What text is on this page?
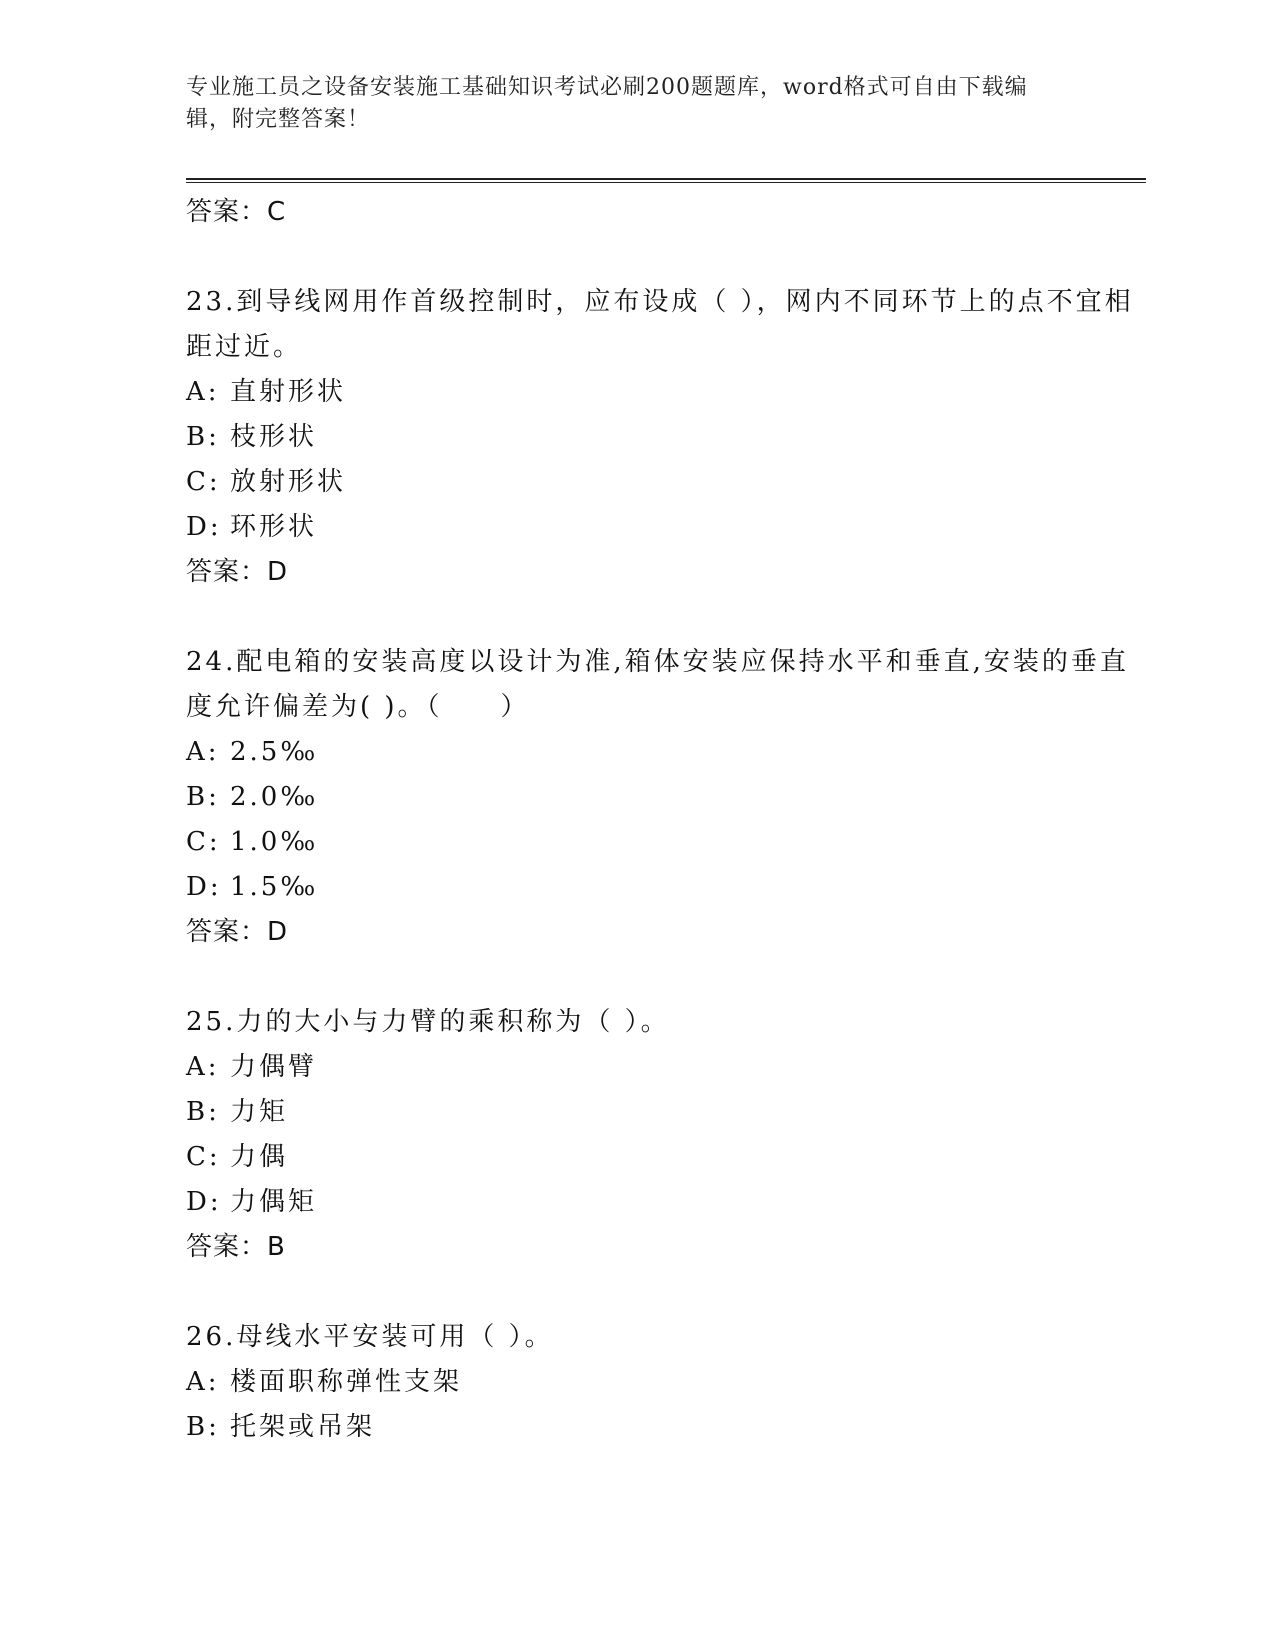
专业施工员之设备安装施工基础知识考试必刷200题题库，word格式可自由下载编辑，附完整答案！

答案：C

23.到导线网用作首级控制时，应布设成（ ），网内不同环节上的点不宜相距过近。

A: 直射形状

B: 枝形状

C: 放射形状

D: 环形状

答案：D

24.配电箱的安装高度以设计为准,箱体安装应保持水平和垂直,安装的垂直度允许偏差为( )。（　　）

A: 2.5‰

B: 2.0‰

C: 1.0‰

D: 1.5‰

答案：D

25.力的大小与力臂的乘积称为（ ）。

A: 力偶臂

B: 力矩

C: 力偶

D: 力偶矩

答案：B

26.母线水平安装可用（ ）。

A: 楼面职称弹性支架

B: 托架或吊架
